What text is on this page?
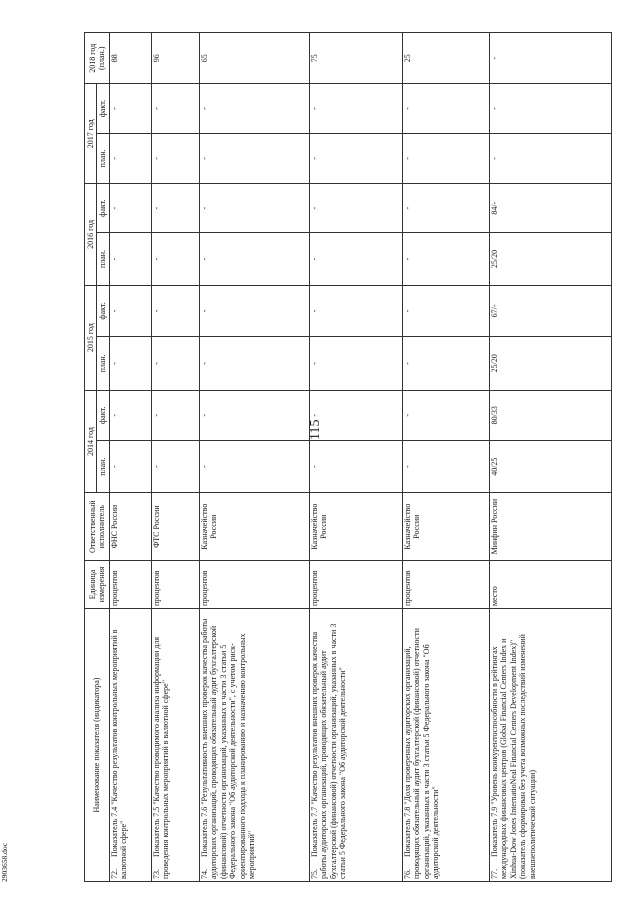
115
2903658.doc
Наименование показателя (индикатора)	Единица измерения	Ответственный исполнитель	2014 год		2015 год		2016 год		2017 год		2018 год (план.)
			план.	факт.	план.	факт.	план.	факт.	план.	факт.	
72.Показатель 7.4 "Качество результатов контрольных мероприятий в валютной сфере"	процентов	ФНС России	-	-	-	-	-	-	-	-	88
73.Показатель 7.5 "Качество проводимого анализа информации для проведения контрольных мероприятий в валютной сфере"	процентов	ФТС России	-	-	-	-	-	-	-	-	96
74.Показатель 7.6 "Результативность внешних проверок качества работы аудиторских организаций, проводящих обязательный аудит бухгалтерской (финансовой) отчетности организаций, указанных в части 3 статьи 5 Федерального закона "Об аудиторской деятельности", с учетом риск-ориентированного подхода к планированию и назначению контрольных мероприятий"	процентов	Казначейство России	-	-	-	-	-	-	-	-	65
75.Показатель 7.7 "Качество результатов внешних проверок качества работы аудиторских организаций, проводящих обязательный аудит бухгалтерской (финансовой) отчетности организаций, указанных в части 3 статьи 5 Федерального закона "Об аудиторской деятельности"	процентов	Казначейство России	-	-	-	-	-	-	-	-	75
76.Показатель 7.8 "Доля проверенных аудиторских организаций, проводящих обязательный аудит бухгалтерской (финансовой) отчетности организаций, указанных в части 3 статьи 5 Федерального закона "Об аудиторской деятельности"	процентов	Казначейство России	-	-	-	-	-	-	-	-	25
77.Показатель 7.9 "Уровень конкурентоспособности в рейтингах международных финансовых центров (Global Financial Centers Index и Xinhua-Dow Jones InternatioNeal Financial Centers Development Index)" (показатель сформирован без учета возможных последствий изменений внешнеполитической ситуации)	место	Минфин России	40/25	80/33	25/20	67/-	25/20	84/-	-	-	-
